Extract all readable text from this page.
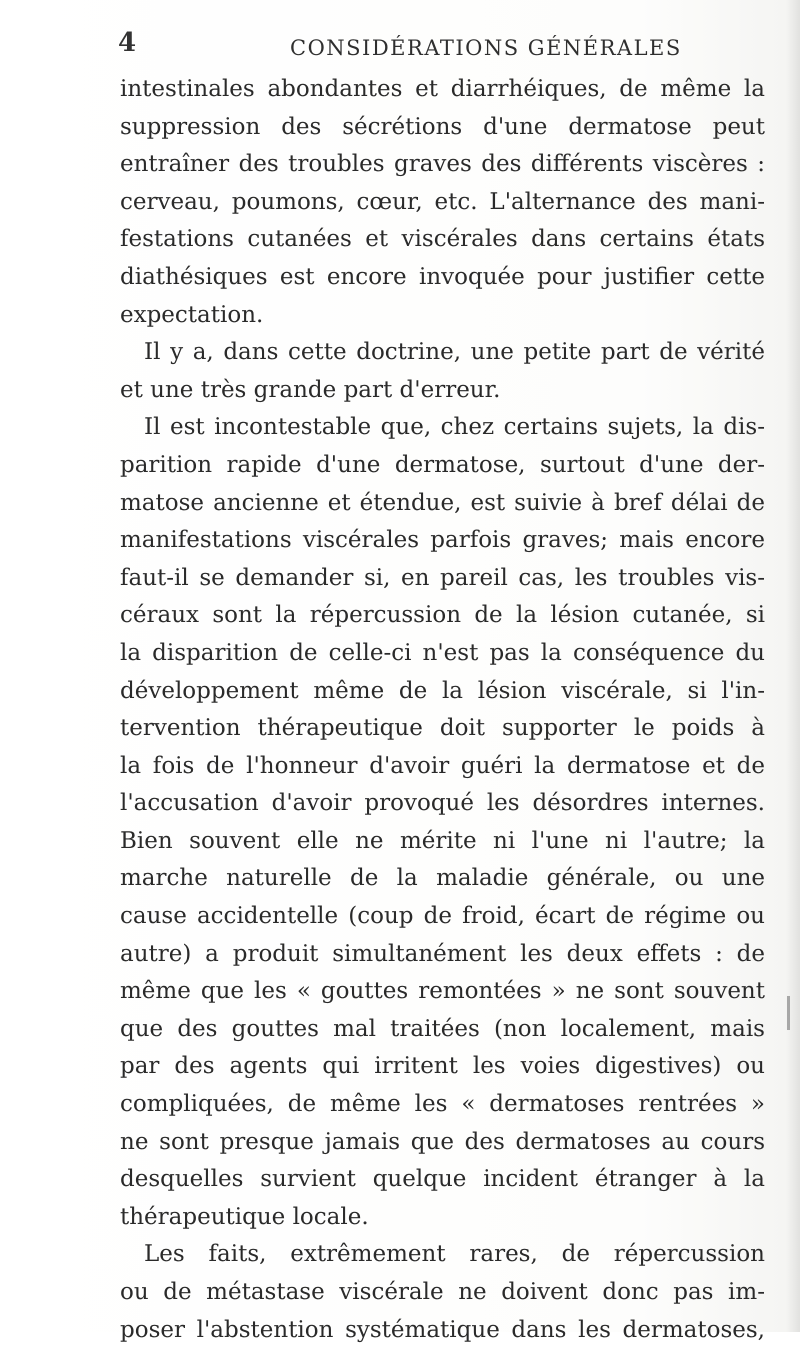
4	CONSIDÉRATIONS GÉNÉRALES
intestinales abondantes et diarrhéiques, de même la
suppression des sécrétions d'une dermatose peut
entraîner des troubles graves des différents viscères :
cerveau, poumons, cœur, etc. L'alternance des mani-
festations cutanées et viscérales dans certains états
diathésiques est encore invoquée pour justifier cette
expectation.
Il y a, dans cette doctrine, une petite part de vérité
et une très grande part d'erreur.
Il est incontestable que, chez certains sujets, la dis-
parition rapide d'une dermatose, surtout d'une der-
matose ancienne et étendue, est suivie à bref délai de
manifestations viscérales parfois graves; mais encore
faut-il se demander si, en pareil cas, les troubles vis-
céraux sont la répercussion de la lésion cutanée, si
la disparition de celle-ci n'est pas la conséquence du
développement même de la lésion viscérale, si l'in-
tervention thérapeutique doit supporter le poids à
la fois de l'honneur d'avoir guéri la dermatose et de
l'accusation d'avoir provoqué les désordres internes.
Bien souvent elle ne mérite ni l'une ni l'autre; la
marche naturelle de la maladie générale, ou une
cause accidentelle (coup de froid, écart de régime ou
autre) a produit simultanément les deux effets : de
même que les « gouttes remontées » ne sont souvent
que des gouttes mal traitées (non localement, mais
par des agents qui irritent les voies digestives) ou
compliquées, de même les « dermatoses rentrées »
ne sont presque jamais que des dermatoses au cours
desquelles survient quelque incident étranger à la
thérapeutique locale.
Les faits, extrêmement rares, de répercussion
ou de métastase viscérale ne doivent donc pas im-
poser l'abstention systématique dans les dermatoses,
